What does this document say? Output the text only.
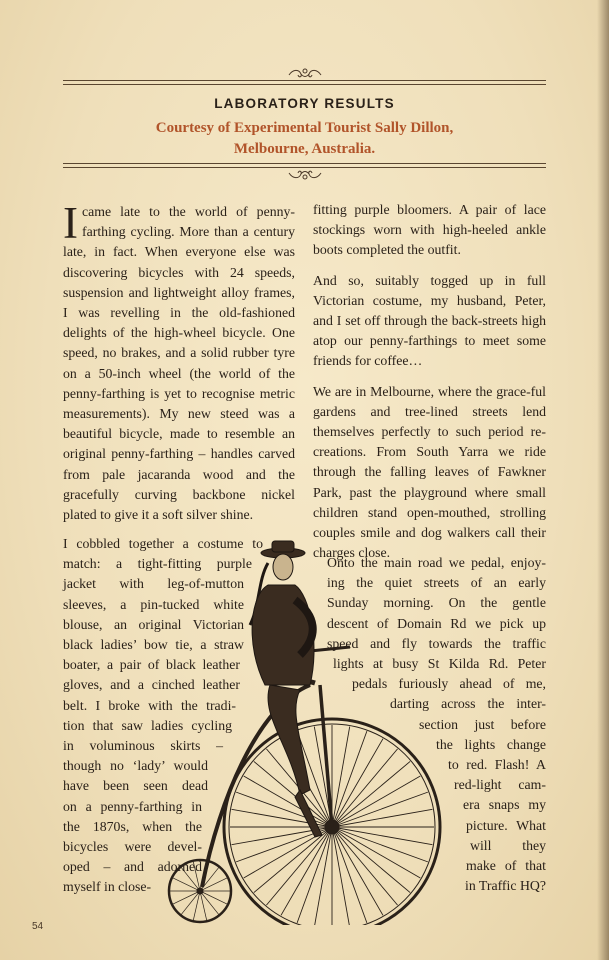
LABORATORY RESULTS
Courtesy of Experimental Tourist Sally Dillon,
Melbourne, Australia.

Icame late to the world of penny-farthing cycling. More than a century late, in fact. When everyone else was discovering bicycles with 24 speeds, suspension and lightweight alloy frames, I was revelling in the old-fashioned delights of the high-wheel bicycle. One speed, no brakes, and a solid rubber tyre on a 50-inch wheel (the world of the penny-farthing is yet to recognise metric measurements). My new steed was a beautiful bicycle, made to resemble an original penny-farthing – handles carved from pale jacaranda wood and the gracefully curving backbone nickel plated to give it a soft silver shine.

I cobbled together a costume to
match: a tight-fitting purple
jacket with leg-of-mutton
sleeves, a pin-tucked white
blouse, an original Victorian
black ladies’ bow tie, a straw
boater, a pair of black leather
gloves, and a cinched leather
belt. I broke with the tradi-
tion that saw ladies cycling
in voluminous skirts –
though no ‘lady’ would
have been seen dead
on a penny-farthing in
the 1870s, when the
bicycles were devel-
oped – and adorned
myself in close-

fitting purple bloomers. A pair of lace stockings worn with high-heeled ankle boots completed the outfit.

And so, suitably togged up in full Victorian costume, my husband, Peter, and I set off through the back-streets high atop our penny-farthings to meet some friends for coffee…

We are in Melbourne, where the grace-ful gardens and tree-lined streets lend themselves perfectly to such period re-creations. From South Yarra we ride through the falling leaves of Fawkner Park, past the playground where small children stand open-mouthed, strolling couples smile and dog walkers call their charges close.

Onto the main road we pedal, enjoy-
ing the quiet streets of an early
Sunday morning. On the gentle
descent of Domain Rd we pick up
speed and fly towards the traffic
lights at busy St Kilda Rd. Peter
pedals furiously ahead of me,
darting across the inter-
section just before
the lights change
to red. Flash! A
red-light cam-
era snaps my
picture. What
will they
make of that
in Traffic HQ?
54
